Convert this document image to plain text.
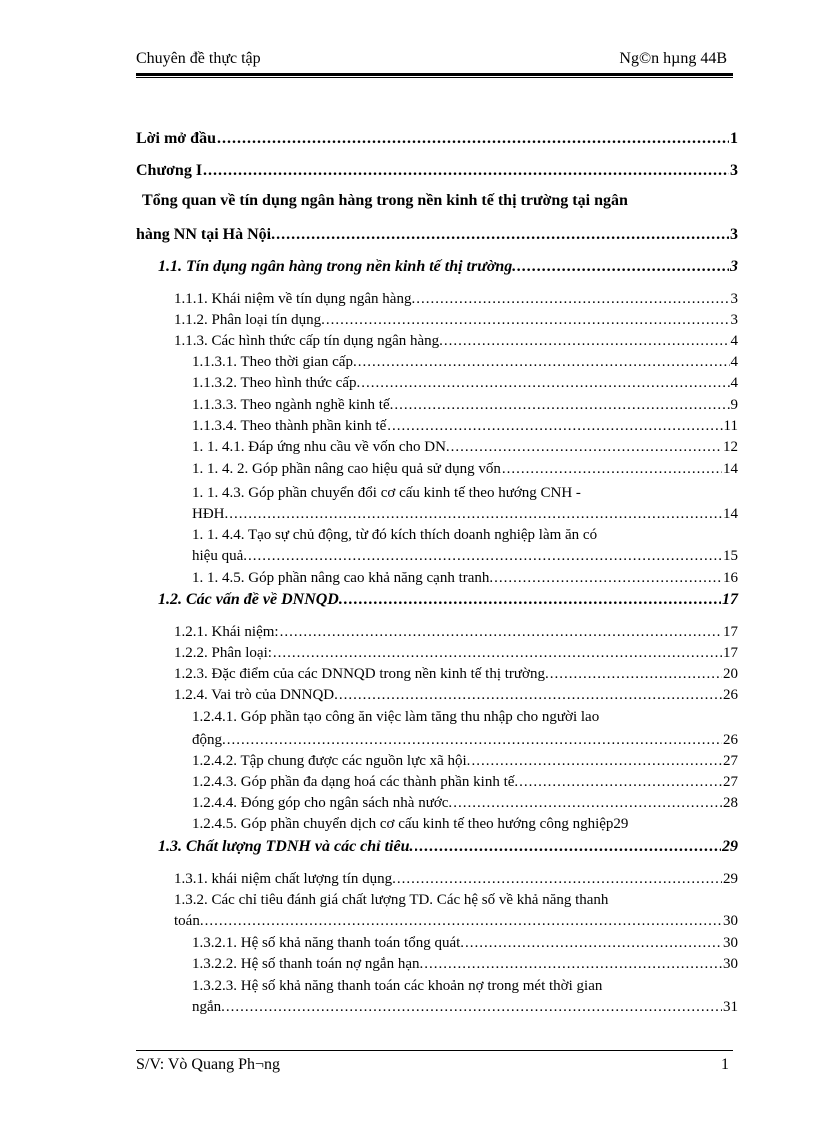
Chuyên đề thực tập	Ng©n hµng 44B
Lời mở đầu .....	1
Chương I .....	3
Tổng quan về tín dụng ngân hàng trong nền kinh tế thị trường tại ngân
hàng NN tại Hà Nội. .....	3
1.1. Tín dụng ngân hàng trong nền kinh tế thị trường. .....	3
1.1.1. Khái niệm về tín dụng ngân hàng. .....	3
1.1.2. Phân loại tín dụng. .....	3
1.1.3. Các hình thức cấp tín dụng ngân hàng. .....	4
1.1.3.1. Theo thời gian cấp. .....	4
1.1.3.2. Theo hình thức cấp. .....	4
1.1.3.3. Theo ngành nghề kinh tế. .....	9
1.1.3.4. Theo thành phần kinh tế .....	11
1. 1. 4.1. Đáp ứng nhu cầu về vốn cho DN. .....	12
1. 1. 4. 2. Góp phần nâng cao hiệu quả sử dụng vốn .....	14
1. 1. 4.3. Góp phần chuyển đổi cơ cấu kinh tế theo hướng CNH -
HĐH. .....	14
1. 1. 4.4. Tạo sự chủ động, từ đó kích thích doanh nghiệp làm ăn có
hiệu quả. .....	15
1. 1. 4.5. Góp phần nâng cao khả năng cạnh tranh. .....	16
1.2. Các vấn đề về DNNQD. .....	17
1.2.1. Khái niệm: .....	17
1.2.2. Phân loại: .....	17
1.2.3. Đặc điểm của các DNNQD trong nền kinh tế thị trường. .....	20
1.2.4. Vai trò của DNNQD. .....	26
1.2.4.1. Góp phần tạo công ăn việc làm tăng thu nhập cho người lao
động. .....	26
1.2.4.2. Tập chung được các nguồn lực xã hội. .....	27
1.2.4.3. Góp phần đa dạng hoá các thành phần kinh tế. .....	27
1.2.4.4. Đóng góp cho ngân sách nhà nước. .....	28
1.2.4.5. Góp phần chuyển dịch cơ cấu kinh tế theo hướng công nghiệp 29
1.3. Chất lượng TDNH và các chỉ tiêu. .....	29
1.3.1. khái niệm chất lượng tín dụng. .....	29
1.3.2. Các chỉ tiêu đánh giá chất lượng TD. Các hệ số về khả năng thanh
toán. .....	30
1.3.2.1. Hệ số khả năng thanh toán tổng quát. .....	30
1.3.2.2. Hệ số thanh toán nợ ngắn hạn. .....	30
1.3.2.3. Hệ số khả năng thanh toán các khoản nợ trong mét thời gian
ngắn. .....	31
S/V: Vò Quang Ph¬ng	1
